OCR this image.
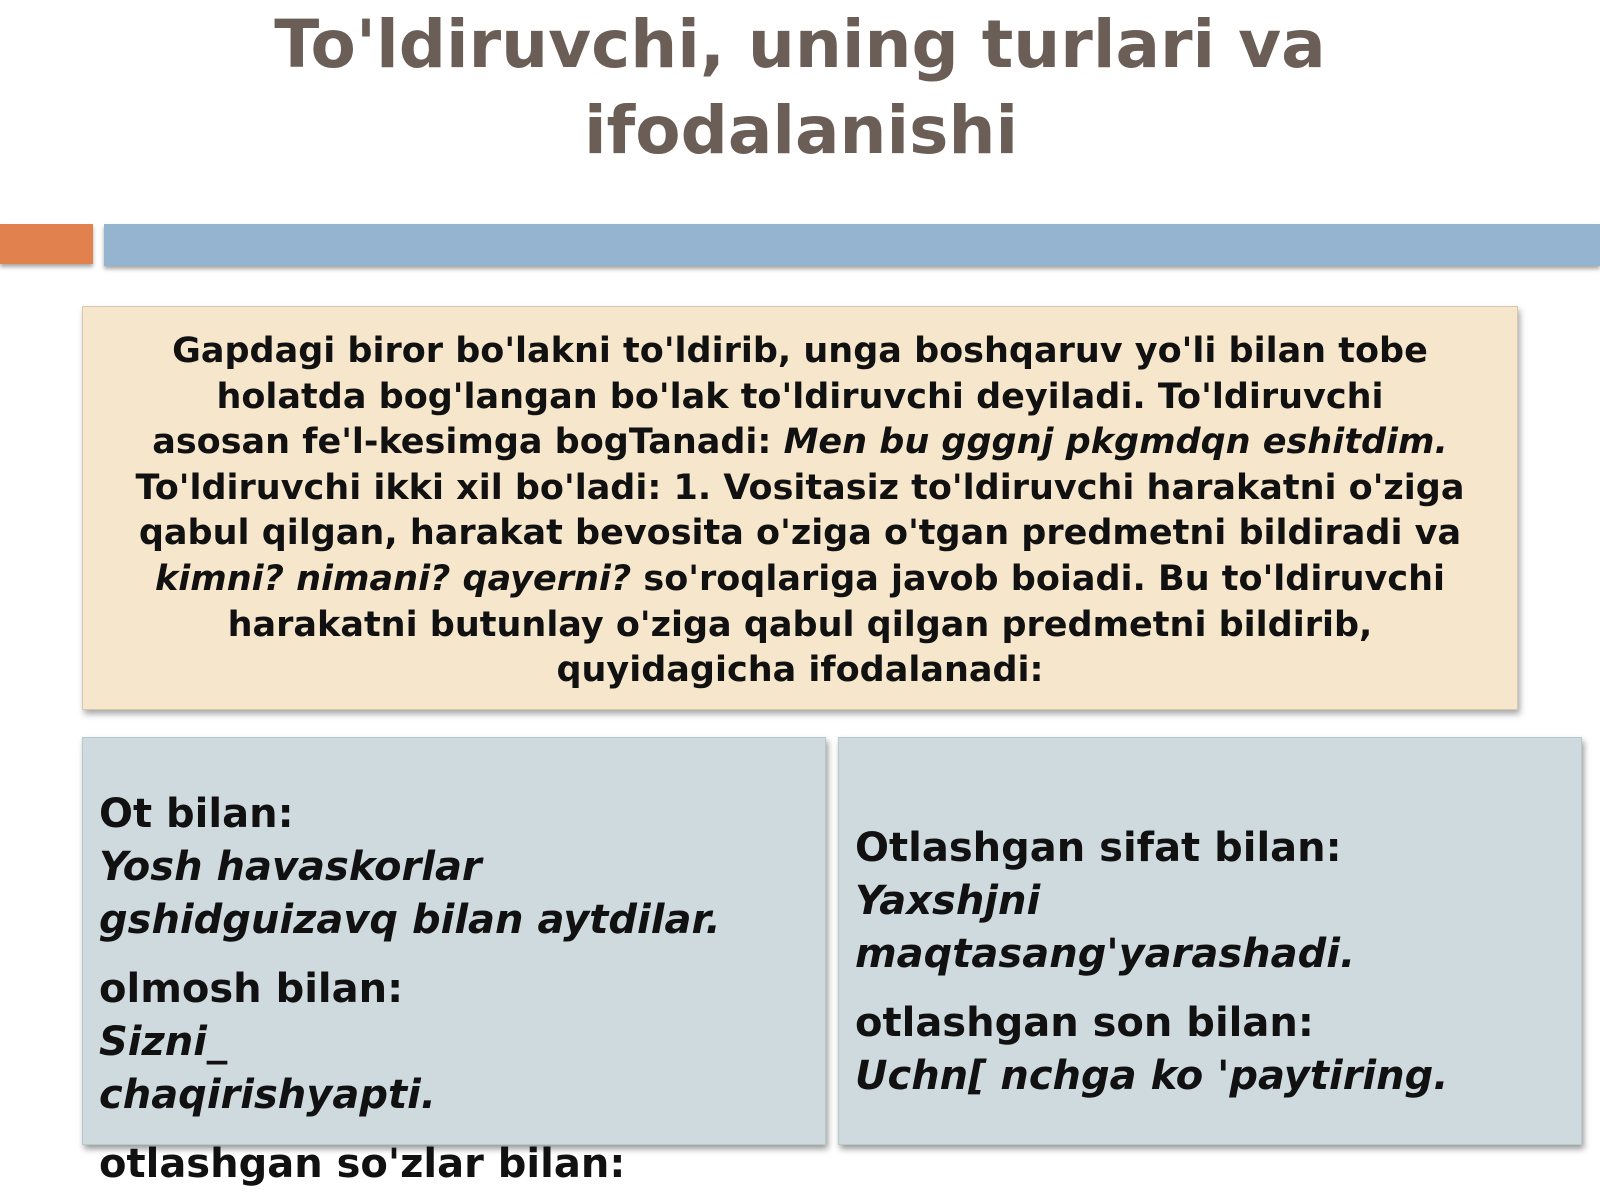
To'ldiruvchi, uning turlari va
ifodalanishi
Gapdagi biror bo'lakni to'ldirib, unga boshqaruv yo'li bilan tobe
holatda bog'langan bo'lak to'ldiruvchi deyiladi. To'ldiruvchi
asosan fe'l-kesimga bogTanadi: Men bu gggnj pkgmdqn eshitdim.
To'ldiruvchi ikki xil bo'ladi: 1. Vositasiz to'ldiruvchi harakatni o'ziga
qabul qilgan, harakat bevosita o'ziga o'tgan predmetni bildiradi va
kimni? nimani? qayerni? so'roqlariga javob boiadi. Bu to'ldiruvchi
harakatni butunlay o'ziga qabul qilgan predmetni bildirib,
quyidagicha ifodalanadi:
Ot bilan:
Yosh havaskorlar
gshidguizavq bilan aytdilar.
olmosh bilan:
Sizni_
chaqirishyapti.
otlashgan so'zlar bilan:
Otlashgan sifat bilan:
Yaxshjni
maqtasang'yarashadi.
otlashgan son bilan:
Uchn[ nchga ko 'paytiring.
